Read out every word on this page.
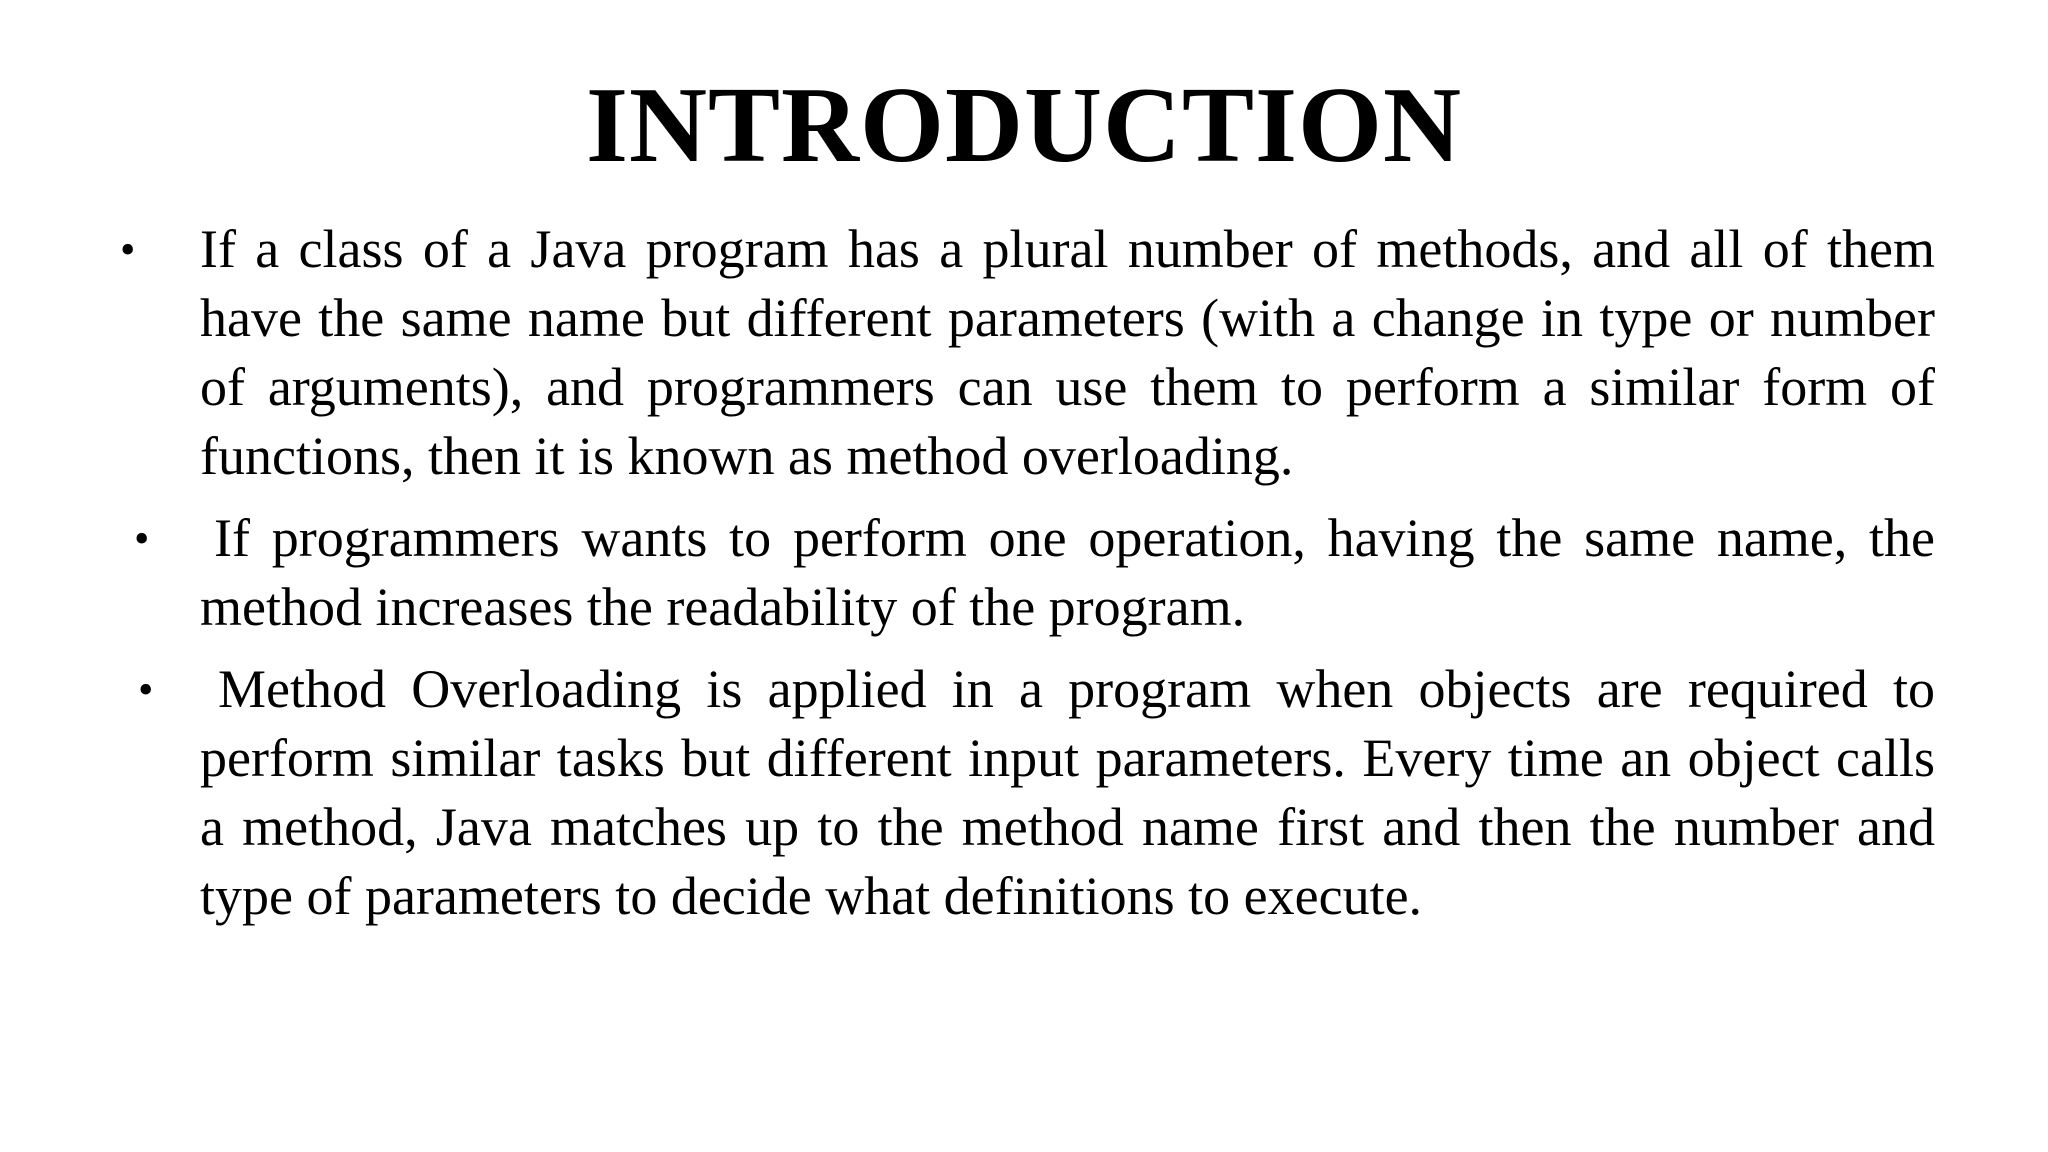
INTRODUCTION
• If a class of a Java program has a plural number of methods, and all of them have the same name but different parameters (with a change in type or number of arguments), and programmers can use them to perform a similar form of functions, then it is known as method overloading.
• If programmers wants to perform one operation, having the same name, the method increases the readability of the program.
• Method Overloading is applied in a program when objects are required to perform similar tasks but different input parameters. Every time an object calls a method, Java matches up to the method name first and then the number and type of parameters to decide what definitions to execute.
